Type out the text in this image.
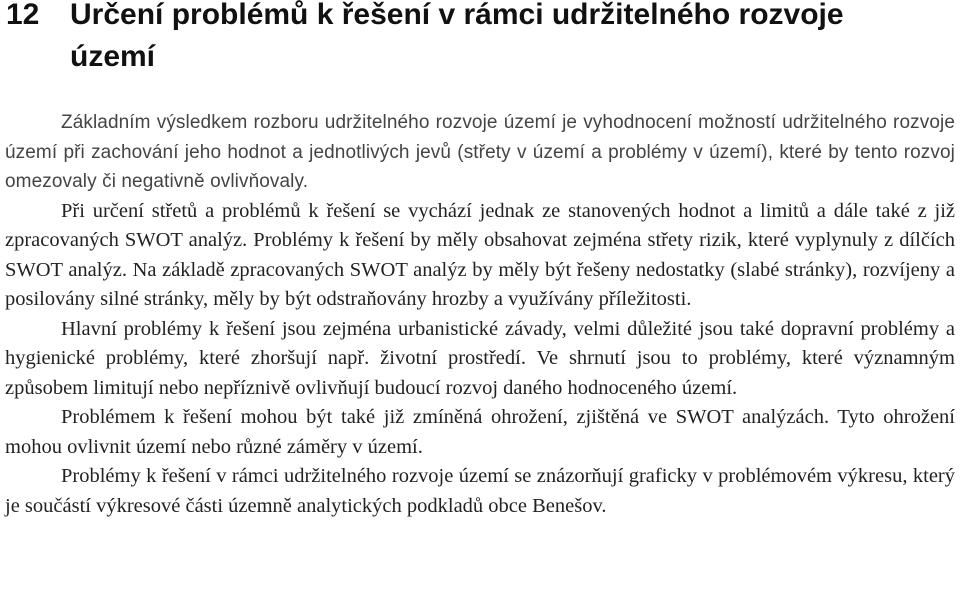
12 Určení problémů k řešení v rámci udržitelného rozvoje
území

Základním výsledkem rozboru udržitelného rozvoje území je vyhodnocení možností udržitelného rozvoje území při zachování jeho hodnot a jednotlivých jevů (střety v území a problémy v území), které by tento rozvoj omezovaly či negativně ovlivňovaly.

Při určení střetů a problémů k řešení se vychází jednak ze stanovených hodnot a limitů a dále také z již zpracovaných SWOT analýz. Problémy k řešení by měly obsahovat zejména střety rizik, které vyplynuly z dílčích SWOT analýz. Na základě zpracovaných SWOT analýz by měly být řešeny nedostatky (slabé stránky), rozvíjeny a posilovány silné stránky, měly by být odstraňovány hrozby a využívány příležitosti.

Hlavní problémy k řešení jsou zejména urbanistické závady, velmi důležité jsou také dopravní problémy a hygienické problémy, které zhoršují např. životní prostředí. Ve shrnutí jsou to problémy, které významným způsobem limitují nebo nepříznivě ovlivňují budoucí rozvoj daného hodnoceného území.

Problémem k řešení mohou být také již zmíněná ohrožení, zjištěná ve SWOT analýzách. Tyto ohrožení mohou ovlivnit území nebo různé záměry v území.

Problémy k řešení v rámci udržitelného rozvoje území se znázorňují graficky v problémovém výkresu, který je součástí výkresové části územně analytických podkladů obce Benešov.
